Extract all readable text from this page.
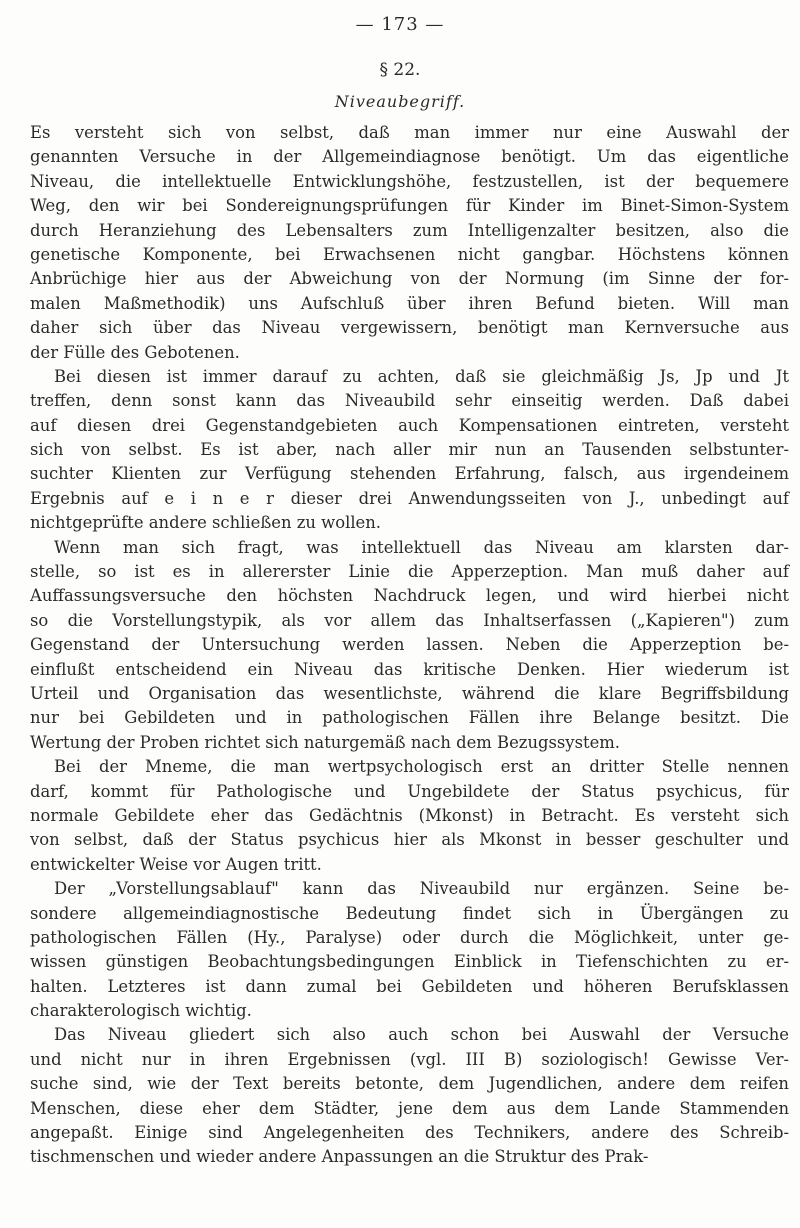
— 173 —
§ 22.
Niveaubegriff.
Es versteht sich von selbst, daß man immer nur eine Auswahl der
genannten Versuche in der Allgemeindiagnose benötigt. Um das eigentliche
Niveau, die intellektuelle Entwicklungshöhe, festzustellen, ist der bequemere
Weg, den wir bei Sondereignungsprüfungen für Kinder im Binet-Simon-System
durch Heranziehung des Lebensalters zum Intelligenzalter besitzen, also die
genetische Komponente, bei Erwachsenen nicht gangbar. Höchstens können
Anbrüchige hier aus der Abweichung von der Normung (im Sinne der for-
malen Maßmethodik) uns Aufschluß über ihren Befund bieten. Will man
daher sich über das Niveau vergewissern, benötigt man Kernversuche aus
der Fülle des Gebotenen.
Bei diesen ist immer darauf zu achten, daß sie gleichmäßig Js, Jp und Jt
treffen, denn sonst kann das Niveaubild sehr einseitig werden. Daß dabei
auf diesen drei Gegenstandgebieten auch Kompensationen eintreten, versteht
sich von selbst. Es ist aber, nach aller mir nun an Tausenden selbstunter-
suchter Klienten zur Verfügung stehenden Erfahrung, falsch, aus irgendeinem
Ergebnis auf e i n e r dieser drei Anwendungsseiten von J., unbedingt auf
nichtgeprüfte andere schließen zu wollen.
Wenn man sich fragt, was intellektuell das Niveau am klarsten dar-
stelle, so ist es in allererster Linie die Apperzeption. Man muß daher auf
Auffassungsversuche den höchsten Nachdruck legen, und wird hierbei nicht
so die Vorstellungstypik, als vor allem das Inhaltserfassen („Kapieren") zum
Gegenstand der Untersuchung werden lassen. Neben die Apperzeption be-
einflußt entscheidend ein Niveau das kritische Denken. Hier wiederum ist
Urteil und Organisation das wesentlichste, während die klare Begriffsbildung
nur bei Gebildeten und in pathologischen Fällen ihre Belange besitzt. Die
Wertung der Proben richtet sich naturgemäß nach dem Bezugssystem.
Bei der Mneme, die man wertpsychologisch erst an dritter Stelle nennen
darf, kommt für Pathologische und Ungebildete der Status psychicus, für
normale Gebildete eher das Gedächtnis (Mkonst) in Betracht. Es versteht sich
von selbst, daß der Status psychicus hier als Mkonst in besser geschulter und
entwickelter Weise vor Augen tritt.
Der „Vorstellungsablauf" kann das Niveaubild nur ergänzen. Seine be-
sondere allgemeindiagnostische Bedeutung findet sich in Übergängen zu
pathologischen Fällen (Hy., Paralyse) oder durch die Möglichkeit, unter ge-
wissen günstigen Beobachtungsbedingungen Einblick in Tiefenschichten zu er-
halten. Letzteres ist dann zumal bei Gebildeten und höheren Berufsklassen
charakterologisch wichtig.
Das Niveau gliedert sich also auch schon bei Auswahl der Versuche
und nicht nur in ihren Ergebnissen (vgl. III B) soziologisch! Gewisse Ver-
suche sind, wie der Text bereits betonte, dem Jugendlichen, andere dem reifen
Menschen, diese eher dem Städter, jene dem aus dem Lande Stammenden
angepaßt. Einige sind Angelegenheiten des Technikers, andere des Schreib-
tischmenschen und wieder andere Anpassungen an die Struktur des Prak-
